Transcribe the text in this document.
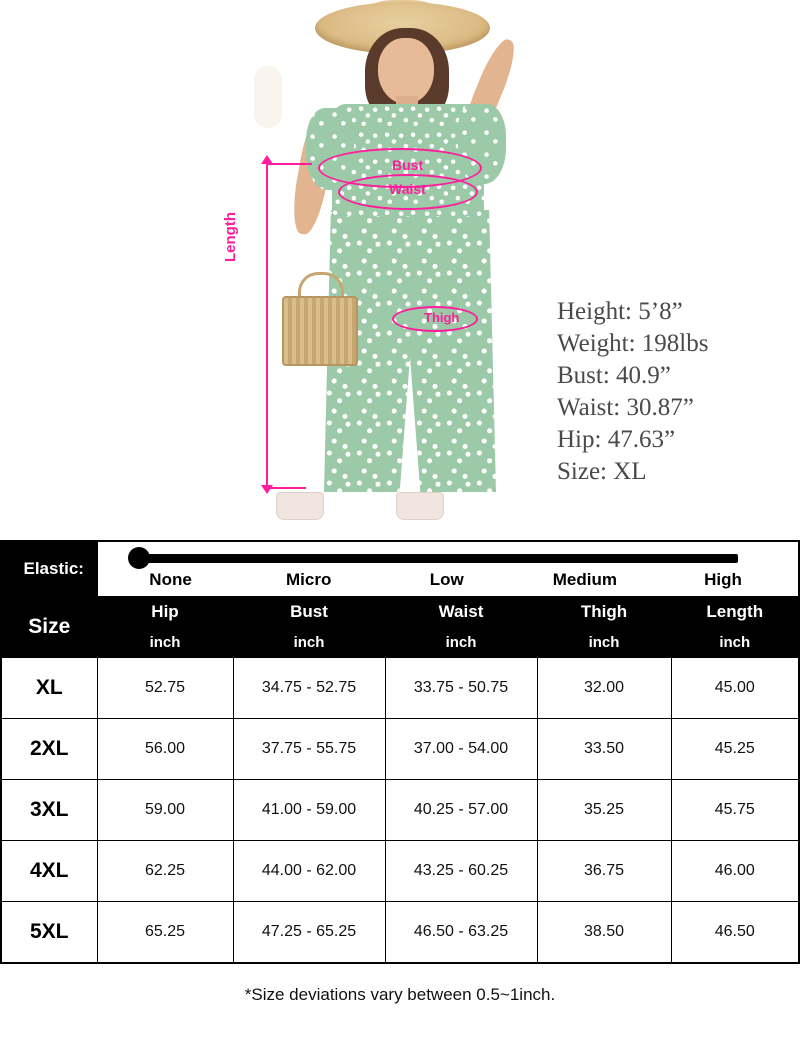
Length
Bust
Waist
Thigh	Height: 5’8”
Weight: 198lbs
Bust: 40.9”
Waist: 30.87”
Hip: 47.63”
Size: XL
Elastic:	None Micro Low Medium High				

Size	Hip	Bust	Waist	Thigh	Length
	inch	inch	inch	inch	inch
XL	52.75	34.75 - 52.75	33.75 - 50.75	32.00	45.00
2XL	56.00	37.75 - 55.75	37.00 - 54.00	33.50	45.25
3XL	59.00	41.00 - 59.00	40.25 - 57.00	35.25	45.75
4XL	62.25	44.00 - 62.00	43.25 - 60.25	36.75	46.00
5XL	65.25	47.25 - 65.25	46.50 - 63.25	38.50	46.50
*Size deviations vary between 0.5~1inch.
